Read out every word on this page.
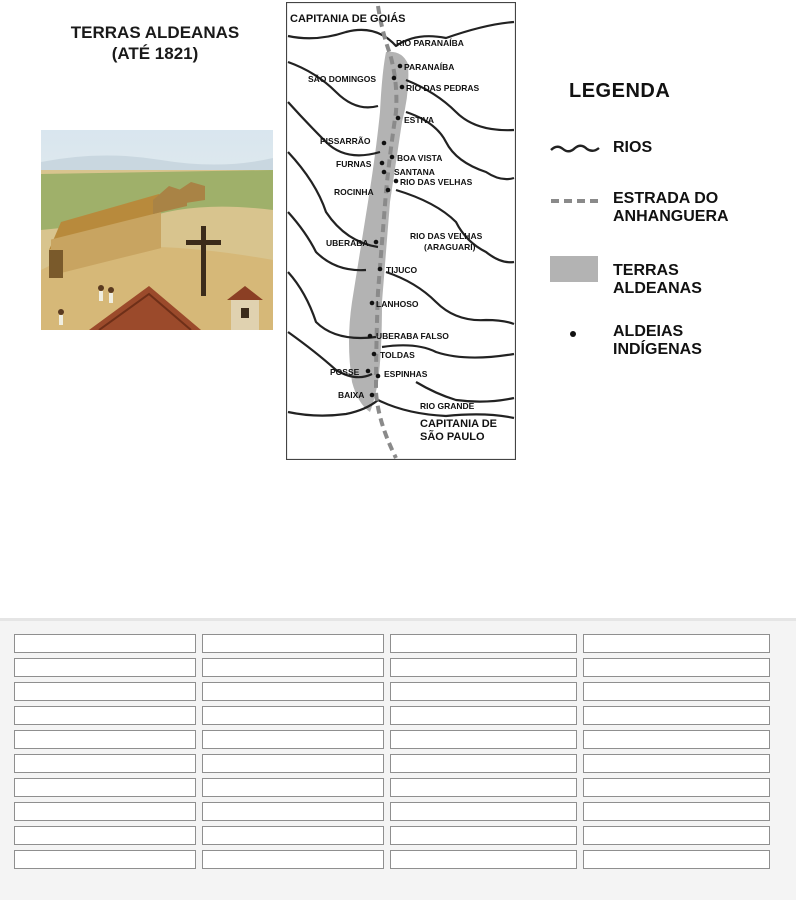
TERRAS ALDEANAS
(ATÉ 1821)
CAPITANIA DE GOIÁS
RIO PARANAÍBA
PARANAÍBA
SÃO DOMINGOS
RIO DAS PEDRAS
ESTIVA
PISSARRÃO
BOA VISTA
FURNAS
SANTANA
RIO DAS VELHAS
ROCINHA
UBERABA
RIO DAS VELHAS
(ARAGUARI)
TIJUCO
LANHOSO
UBERABA FALSO
TOLDAS
POSSE	ESPINHAS
BAIXA
RIO GRANDE
CAPITANIA DE
SÃO PAULO
LEGENDA
RIOS
ESTRADA DO
ANHANGUERA
TERRAS
ALDEANAS
ALDEIAS
INDÍGENAS
